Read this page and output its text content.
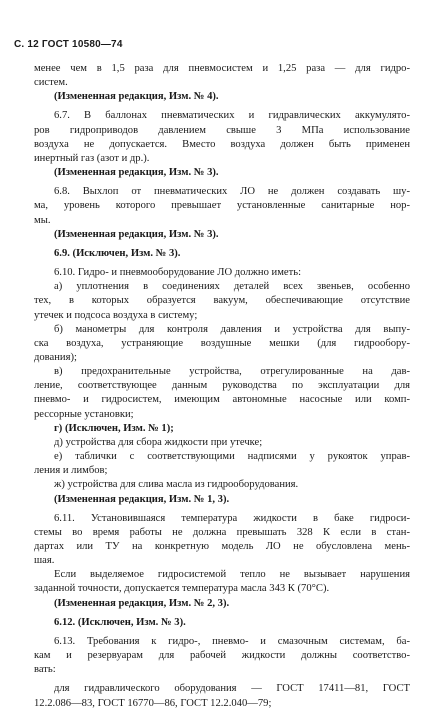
С. 12 ГОСТ 10580—74
менее чем в 1,5 раза для пневмосистем и 1,25 раза — для гидро-
систем.
(Измененная редакция, Изм. № 4).
6.7. В баллонах пневматических и гидравлических аккумулято-
ров гидроприводов давлением свыше 3 МПа использование
воздуха не допускается. Вместо воздуха должен быть применен
инертный газ (азот и др.).
(Измененная редакция, Изм. № 3).
6.8. Выхлоп от пневматических ЛО не должен создавать шу-
ма, уровень которого превышает установленные санитарные нор-
мы.
(Измененная редакция, Изм. № 3).
6.9. (Исключен, Изм. № 3).
6.10. Гидро- и пневмооборудование ЛО должно иметь:
а) уплотнения в соединениях деталей всех звеньев, особенно
тех, в которых образуется вакуум, обеспечивающие отсутствие
утечек и подсоса воздуха в систему;
б) манометры для контроля давления и устройства для выпу-
ска воздуха, устраняющие воздушные мешки (для гидрообору-
дования);
в) предохранительные устройства, отрегулированные на дав-
ление, соответствующее данным руководства по эксплуатации для
пневмо- и гидросистем, имеющим автономные насосные или комп-
рессорные установки;
г) (Исключен, Изм. № 1);
д) устройства для сбора жидкости при утечке;
е) таблички с соответствующими надписями у рукояток управ-
ления и лимбов;
ж) устройства для слива масла из гидрооборудования.
(Измененная редакция, Изм. № 1, 3).
6.11. Установившаяся температура жидкости в баке гидроси-
стемы во время работы не должна превышать 328 К если в стан-
дартах или ТУ на конкретную модель ЛО не обусловлена мень-
шая.
Если выделяемое гидросистемой тепло не вызывает нарушения
заданной точности, допускается температура масла 343 К (70°С).
(Измененная редакция, Изм. № 2, 3).
6.12. (Исключен, Изм. № 3).
6.13. Требования к гидро-, пневмо- и смазочным системам, ба-
кам и резервуарам для рабочей жидкости должны соответство-
вать:
для гидравлического оборудования — ГОСТ 17411—81, ГОСТ
12.2.086—83, ГОСТ 16770—86, ГОСТ 12.2.040—79;
